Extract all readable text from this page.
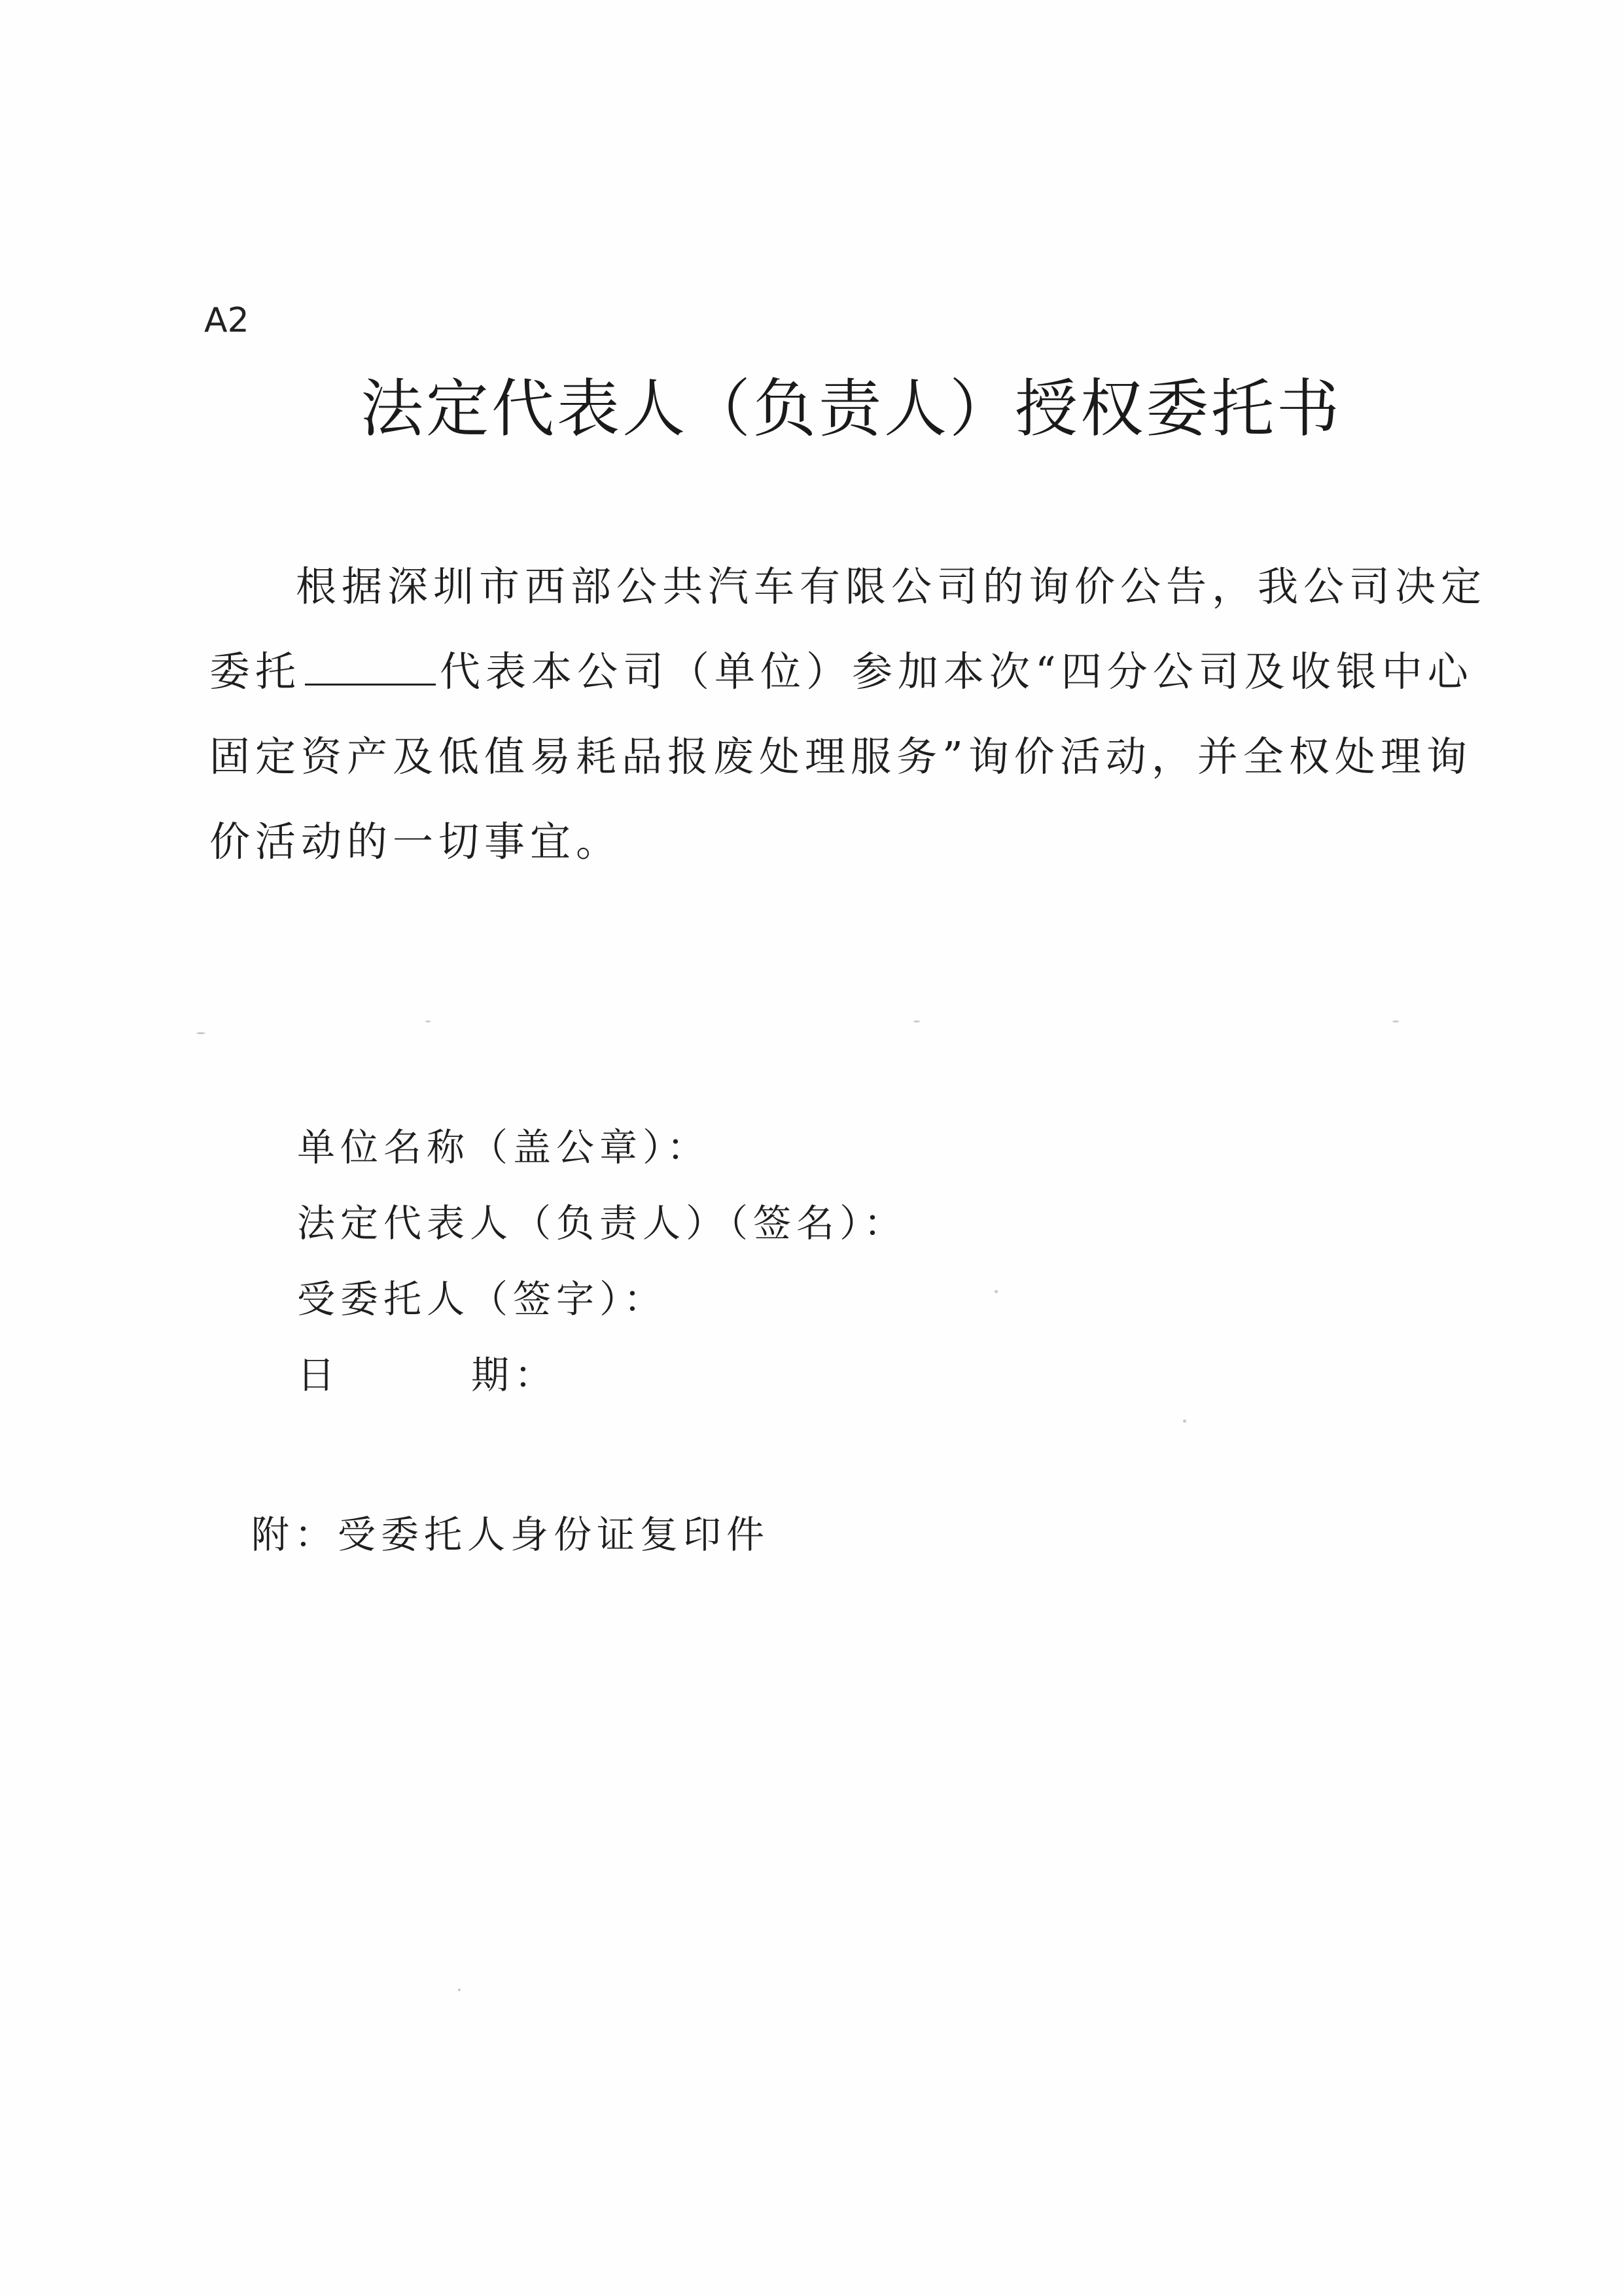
A2
法定代表人（负责人）授权委托书
根据深圳市西部公共汽车有限公司的询价公告，我公司决定
委托	代表本公司（单位）参加本次“四分公司及收银中心
固定资产及低值易耗品报废处理服务”询价活动，并全权处理询
价活动的一切事宜。
单位名称（盖公章）：
法定代表人（负责人）（签名）：
受委托人（签字）：
日	期：
附：受委托人身份证复印件
